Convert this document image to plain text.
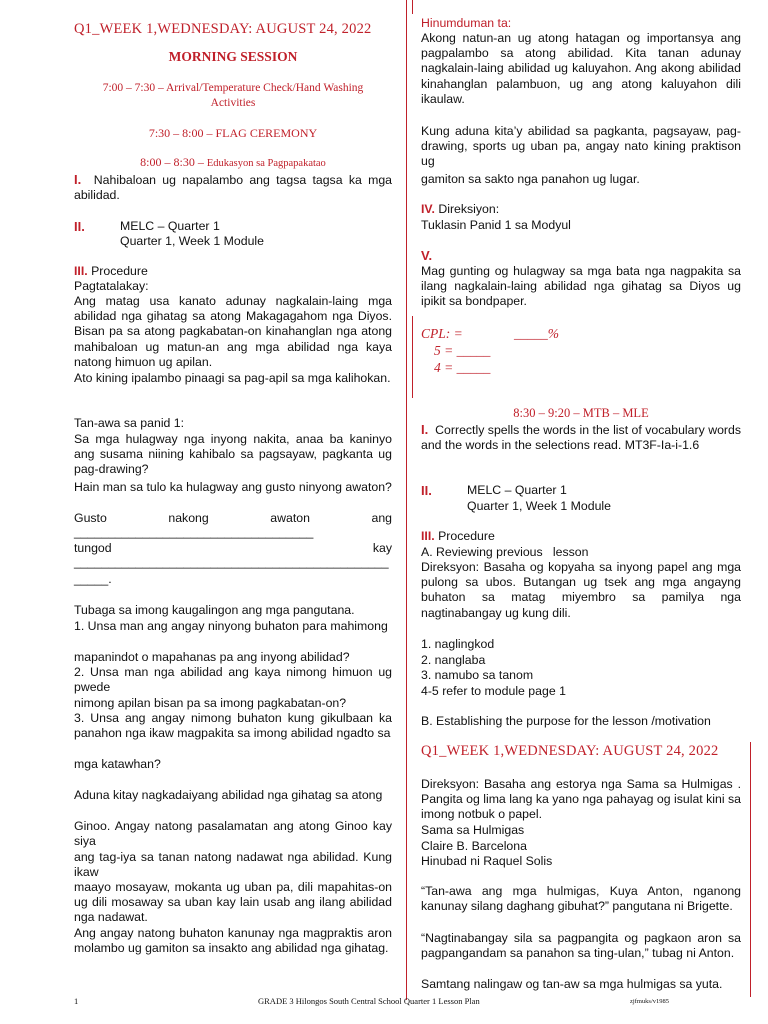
Q1_WEEK 1,WEDNESDAY: AUGUST 24, 2022
MORNING SESSION
7:00 – 7:30 – Arrival/Temperature Check/Hand Washing
Activities
7:30 – 8:00 – FLAG CEREMONY
8:00 – 8:30 – Edukasyon sa Pagpapakatao
I. Nahibaloan ug napalambo ang tagsa tagsa ka mga abilidad.
II.	MELC – Quarter 1
Quarter 1, Week 1 Module
III. Procedure
Pagtatalakay:
Ang matag usa kanato adunay nagkalain-laing mga abilidad nga gihatag sa atong Makagagahom nga Diyos. Bisan pa sa atong pagkabatan-on kinahanglan nga atong mahibaloan ug matun-an ang mga abilidad nga kaya natong himuon ug apilan.
Ato kining ipalambo pinaagi sa pag-apil sa mga kalihokan.
Tan-awa sa panid 1:
Sa mga hulagway nga inyong nakita, anaa ba kaninyo ang susama niining kahibalo sa pagsayaw, pagkanta ug pag-drawing?
Hain man sa tulo ka hulagway ang gusto ninyong awaton?
Gusto nakong awaton ang
___________________________________
tungod kay
______________________________________________
_____.
Tubaga sa imong kaugalingon ang mga pangutana.
1. Unsa man ang angay ninyong buhaton para mahimong
mapanindot o mapahanas pa ang inyong abilidad?
2. Unsa man nga abilidad ang kaya nimong himuon ug pwede
nimong apilan bisan pa sa imong pagkabatan-on?
3. Unsa ang angay nimong buhaton kung gikulbaan ka panahon nga ikaw magpakita sa imong abilidad ngadto sa
mga katawhan?
Aduna kitay nagkadaiyang abilidad nga gihatag sa atong
Ginoo. Angay natong pasalamatan ang atong Ginoo kay siya
ang tag-iya sa tanan natong nadawat nga abilidad. Kung ikaw
maayo mosayaw, mokanta ug uban pa, dili mapahitas-on ug dili mosaway sa uban kay lain usab ang ilang abilidad nga nadawat.
Ang angay natong buhaton kanunay nga magpraktis aron molambo ug gamiton sa insakto ang abilidad nga gihatag.
Hinumduman ta:
Akong natun-an ug atong hatagan og importansya ang pagpalambo sa atong abilidad. Kita tanan adunay nagkalain-laing abilidad ug kaluyahon. Ang akong abilidad kinahanglan palambuon, ug ang atong kaluyahon dili ikaulaw.
Kung aduna kita’y abilidad sa pagkanta, pagsayaw, pag-drawing, sports ug uban pa, angay nato kining praktison ug
gamiton sa sakto nga panahon ug lugar.
IV. Direksiyon:
Tuklasin Panid 1 sa Modyul
V.
Mag gunting og hulagway sa mga bata nga nagpakita sa ilang nagkalain-laing abilidad nga gihatag sa Diyos ug ipikit sa bondpaper.
CPL: =	_____%
5 = _____
4 = _____
8:30 – 9:20 – MTB – MLE
I. Correctly spells the words in the list of vocabulary words and the words in the selections read. MT3F-Ia-i-1.6
II.	MELC – Quarter 1
Quarter 1, Week 1 Module
III. Procedure
A. Reviewing previous   lesson
Direksyon: Basaha og kopyaha sa inyong papel ang mga pulong sa ubos. Butangan ug tsek ang mga angayng buhaton sa matag miyembro sa pamilya nga nagtinabangay ug kung dili.
1. naglingkod
2. nanglaba
3. namubo sa tanom
4-5 refer to module page 1
B. Establishing the purpose for the lesson /motivation
Q1_WEEK 1,WEDNESDAY: AUGUST 24, 2022
Direksyon: Basaha ang estorya nga Sama sa Hulmigas . Pangita og lima lang ka yano nga pahayag og isulat kini sa imong notbuk o papel.
Sama sa Hulmigas
Claire B. Barcelona
Hinubad ni Raquel Solis
“Tan-awa ang mga hulmigas, Kuya Anton, nganong kanunay silang daghang gibuhat?” pangutana ni Brigette.
“Nagtinabangay sila sa pagpangita og pagkaon aron sa pagpangandam sa panahon sa ting-ulan,” tubag ni Anton.
Samtang nalingaw og tan-aw sa mga hulmigas sa yuta.
1	GRADE 3 Hilongos South Central School Quarter 1 Lesson Plan	zjfmuks/v1985
